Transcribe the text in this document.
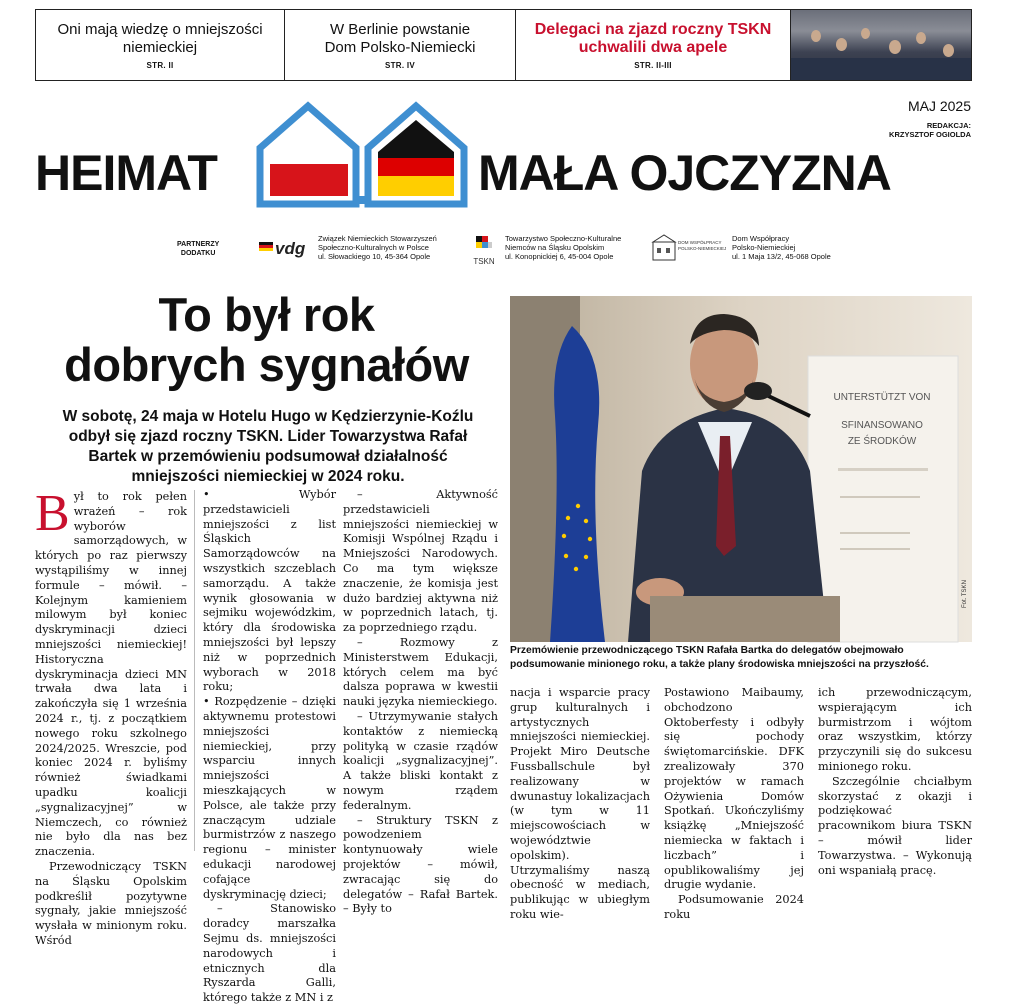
Oni mają wiedzę o mniejszości niemieckiej
STR. II
W Berlinie powstanie Dom Polsko-Niemiecki
STR. IV
Delegaci na zjazd roczny TSKN uchwalili dwa apele
STR. II-III
MAJ 2025
REDAKCJA:
KRZYSZTOF OGIOLDA
HEIMAT	MAŁA OJCZYZNA
PARTNERZY
DODATKU	vdg
Związek Niemieckich Stowarzyszeń
Społeczno-Kulturalnych w Polsce
ul. Słowackiego 10, 45-364 Opole
TSKN
Towarzystwo Społeczno-Kulturalne
Niemców na Śląsku Opolskim
ul. Konopnickiej 6, 45-004 Opole
DOM WSPÓŁPRACY
POLSKO-NIEMIECKIEJ
Dom Współpracy
Polsko-Niemieckiej
ul. 1 Maja 13/2, 45-068 Opole
To był rok
dobrych sygnałów
W sobotę, 24 maja w Hotelu Hugo w Kędzierzynie-Koźlu odbył się zjazd roczny TSKN. Lider Towarzystwa Rafał Bartek w przemówieniu podsumował działalność mniejszości niemieckiej w 2024 roku.
UNTERSTÜTZT VON
SFINANSOWANO
ZE ŚRODKÓW
Fot. TSKN
Przemówienie przewodniczącego TSKN Rafała Bartka do delegatów obejmowało podsumowanie minionego roku, a także plany środowiska mniejszości na przyszłość.

Był to rok pełen wrażeń – rok wyborów samorządowych, w których po raz pierwszy wystąpiliśmy w innej formule – mówił. – Kolejnym kamieniem milowym był koniec dyskryminacji dzieci mniejszości niemieckiej! Historyczna dyskryminacja dzieci MN trwała dwa lata i zakończyła się 1 września 2024 r., tj. z początkiem nowego roku szkolnego 2024/2025. Wreszcie, pod koniec 2024 r. byliśmy również świadkami upadku koalicji „sygnalizacyjnej” w Niemczech, co również nie było dla nas bez znaczenia.

Przewodniczący TSKN na Śląsku Opolskim podkreślił pozytywne sygnały, jakie mniejszość wysłała w minionym roku. Wśród

• Wybór przedstawicieli mniejszości z list Śląskich Samorządowców na wszystkich szczeblach samorządu. A także wynik głosowania w sejmiku wojewódzkim, który dla środowiska mniejszości był lepszy niż w poprzednich wyborach w 2018 roku;

• Rozpędzenie – dzięki aktywnemu protestowi mniejszości niemieckiej, przy wsparciu innych mniejszości mieszkających w Polsce, ale także przy znaczącym udziale burmistrzów z naszego regionu – minister edukacji narodowej cofające dyskryminację dzieci;

– Stanowisko doradcy marszałka Sejmu ds. mniejszości narodowych i etnicznych dla Ryszarda Galli, którego także z MN i z

– Aktywność przedstawicieli mniejszości niemieckiej w Komisji Wspólnej Rządu i Mniejszości Narodowych. Co ma tym większe znaczenie, że komisja jest dużo bardziej aktywna niż w poprzednich latach, tj. za poprzedniego rządu.

– Rozmowy z Ministerstwem Edukacji, których celem ma być dalsza poprawa w kwestii nauki języka niemieckiego.

– Utrzymywanie stałych kontaktów z niemiecką polityką w czasie rządów koalicji „sygnalizacyjnej”. A także bliski kontakt z nowym rządem federalnym.

– Struktury TSKN z powodzeniem kontynuowały wiele projektów – mówił, zwracając się do delegatów – Rafał Bartek. – Były to

nacja i wsparcie pracy grup kulturalnych i artystycznych mniejszości niemieckiej. Projekt Miro Deutsche Fussballschule był realizowany w dwunastuy lokalizacjach (w tym w 11 miejscowościach w województwie opolskim). Utrzymaliśmy naszą obecność w mediach, publikując w ubiegłym roku wie-

Postawiono Maibaumy, obchodzono Oktoberfesty i odbyły się pochody świętomarcińskie. DFK zrealizowały 370 projektów w ramach Ożywienia Domów Spotkań. Ukończyliśmy książkę „Mniejszość niemiecka w faktach i liczbach” i opublikowaliśmy jej drugie wydanie.

Podsumowanie 2024 roku

ich przewodniczącym, wspierającym ich burmistrzom i wójtom oraz wszystkim, którzy przyczynili się do sukcesu minionego roku.

Szczególnie chciałbym skorzystać z okazji i podziękować pracownikom biura TSKN – mówił lider Towarzystwa. – Wykonują oni wspaniałą pracę.
